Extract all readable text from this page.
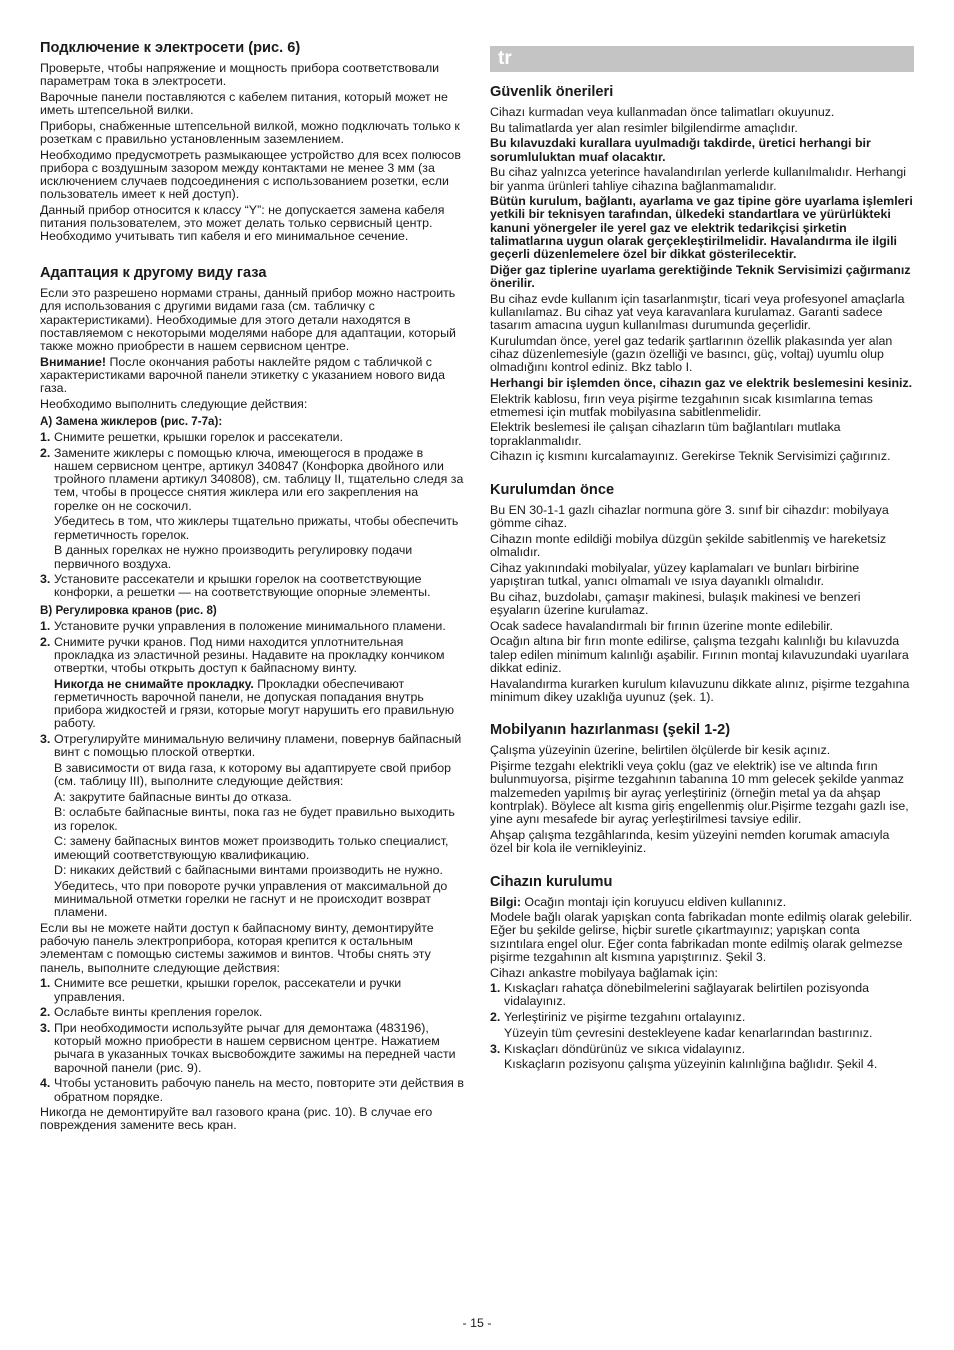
Подключение к электросети (рис. 6)

Проверьте, чтобы напряжение и мощность прибора соответствовали параметрам тока в электросети.

Варочные панели поставляются с кабелем питания, который может не иметь штепсельной вилки.

Приборы, снабженные штепсельной вилкой, можно подключать только к розеткам с правильно установленным заземлением.

Необходимо предусмотреть размыкающее устройство для всех полюсов прибора с воздушным зазором между контактами не менее 3 мм (за исключением случаев подсоединения с использованием розетки, если пользователь имеет к ней доступ).

Данный прибор относится к классу “Y”: не допускается замена кабеля питания пользователем, это может делать только сервисный центр. Необходимо учитывать тип кабеля и его минимальное сечение.

Адаптация к другому виду газа

Если это разрешено нормами страны, данный прибор можно настроить для использования с другими видами газа (см. табличку с характеристиками). Необходимые для этого детали находятся в поставляемом с некоторыми моделями наборе для адаптации, который также можно приобрести в нашем сервисном центре.

Внимание! После окончания работы наклейте рядом с табличкой с характеристиками варочной панели этикетку с указанием нового вида газа.

Необходимо выполнить следующие действия:

A) Замена жиклеров (рис. 7-7a):

1. Снимите решетки, крышки горелок и рассекатели.
2. Замените жиклеры с помощью ключа, имеющегося в продаже в нашем сервисном центре, артикул 340847 (Конфорка двойного или тройного пламени артикул 340808), см. таблицу II, тщательно следя за тем, чтобы в процессе снятия жиклера или его закрепления на горелке он не соскочил.

Убедитесь в том, что жиклеры тщательно прижаты, чтобы обеспечить герметичность горелок.

В данных горелках не нужно производить регулировку подачи первичного воздуха.

3. Установите рассекатели и крышки горелок на соответствующие конфорки, а решетки — на соответствующие опорные элементы.

B) Регулировка кранов (рис. 8)

1. Установите ручки управления в положение минимального пламени.
2. Снимите ручки кранов. Под ними находится уплотнительная прокладка из эластичной резины. Надавите на прокладку кончиком отвертки, чтобы открыть доступ к байпасному винту.

Никогда не снимайте прокладку. Прокладки обеспечивают герметичность варочной панели, не допуская попадания внутрь прибора жидкостей и грязи, которые могут нарушить его правильную работу.

3. Отрегулируйте минимальную величину пламени, повернув байпасный винт с помощью плоской отвертки.

В зависимости от вида газа, к которому вы адаптируете свой прибор (см. таблицу III), выполните следующие действия:

A: закрутите байпасные винты до отказа.

B: ослабьте байпасные винты, пока газ не будет правильно выходить из горелок.

C: замену байпасных винтов может производить только специалист, имеющий соответствующую квалификацию.

D: никаких действий с байпасными винтами производить не нужно.

Убедитесь, что при повороте ручки управления от максимальной до минимальной отметки горелки не гаснут и не происходит возврат пламени.

Если вы не можете найти доступ к байпасному винту, демонтируйте рабочую панель электроприбора, которая крепится к остальным элементам с помощью системы зажимов и винтов. Чтобы снять эту панель, выполните следующие действия:

1. Снимите все решетки, крышки горелок, рассекатели и ручки управления.
2. Ослабьте винты крепления горелок.
3. При необходимости используйте рычаг для демонтажа (483196), который можно приобрести в нашем сервисном центре. Нажатием рычага в указанных точках высвобождите зажимы на передней части варочной панели (рис. 9).
4. Чтобы установить рабочую панель на место, повторите эти действия в обратном порядке.

Никогда не демонтируйте вал газового крана (рис. 10). В случае его повреждения замените весь кран.

tr
Güvenlik önerileri

Cihazı kurmadan veya kullanmadan önce talimatları okuyunuz.

Bu talimatlarda yer alan resimler bilgilendirme amaçlıdır.

Bu kılavuzdaki kurallara uyulmadığı takdirde, üretici herhangi bir sorumluluktan muaf olacaktır.

Bu cihaz yalnızca yeterince havalandırılan yerlerde kullanılmalıdır. Herhangi bir yanma ürünleri tahliye cihazına bağlanmamalıdır.

Bütün kurulum, bağlantı, ayarlama ve gaz tipine göre uyarlama işlemleri yetkili bir teknisyen tarafından, ülkedeki standartlara ve yürürlükteki kanuni yönergeler ile yerel gaz ve elektrik tedarikçisi şirketin talimatlarına uygun olarak gerçekleştirilmelidir. Havalandırma ile ilgili geçerli düzenlemelere özel bir dikkat gösterilecektir.

Diğer gaz tiplerine uyarlama gerektiğinde Teknik Servisimizi çağırmanız önerilir.

Bu cihaz evde kullanım için tasarlanmıştır, ticari veya profesyonel amaçlarla kullanılamaz. Bu cihaz yat veya karavanlara kurulamaz. Garanti sadece tasarım amacına uygun kullanılması durumunda geçerlidir.

Kurulumdan önce, yerel gaz tedarik şartlarının özellik plakasında yer alan cihaz düzenlemesiyle (gazın özelliği ve basıncı, güç, voltaj) uyumlu olup olmadığını kontrol ediniz. Bkz tablo I.

Herhangi bir işlemden önce, cihazın gaz ve elektrik beslemesini kesiniz.

Elektrik kablosu, fırın veya pişirme tezgahının sıcak kısımlarına temas etmemesi için mutfak mobilyasına sabitlenmelidir.

Elektrik beslemesi ile çalışan cihazların tüm bağlantıları mutlaka topraklanmalıdır.

Cihazın iç kısmını kurcalamayınız. Gerekirse Teknik Servisimizi çağırınız.

Kurulumdan önce

Bu EN 30-1-1 gazlı cihazlar normuna göre 3. sınıf bir cihazdır: mobilyaya gömme cihaz.

Cihazın monte edildiği mobilya düzgün şekilde sabitlenmiş ve hareketsiz olmalıdır.

Cihaz yakınındaki mobilyalar, yüzey kaplamaları ve bunları birbirine yapıştıran tutkal, yanıcı olmamalı ve ısıya dayanıklı olmalıdır.

Bu cihaz, buzdolabı, çamaşır makinesi, bulaşık makinesi ve benzeri eşyaların üzerine kurulamaz.

Ocak sadece havalandırmalı bir fırının üzerine monte edilebilir.

Ocağın altına bir fırın monte edilirse, çalışma tezgahı kalınlığı bu kılavuzda talep edilen minimum kalınlığı aşabilir. Fırının montaj kılavuzundaki uyarılara dikkat ediniz.

Havalandırma kurarken kurulum kılavuzunu dikkate alınız, pişirme tezgahına minimum dikey uzaklığa uyunuz (şek. 1).

Mobilyanın hazırlanması (şekil 1-2)

Çalışma yüzeyinin üzerine, belirtilen ölçülerde bir kesik açınız.

Pişirme tezgahı elektrikli veya çoklu (gaz ve elektrik) ise ve altında fırın bulunmuyorsa, pişirme tezgahının tabanına 10 mm gelecek şekilde yanmaz malzemeden yapılmış bir ayraç yerleştiriniz (örneğin metal ya da ahşap kontrplak). Böylece alt kısma giriş engellenmiş olur.Pişirme tezgahı gazlı ise, yine aynı mesafede bir ayraç yerleştirilmesi tavsiye edilir.

Ahşap çalışma tezgâhlarında, kesim yüzeyini nemden korumak amacıyla özel bir kola ile vernikleyiniz.

Cihazın kurulumu

Bilgi: Ocağın montajı için koruyucu eldiven kullanınız.

Modele bağlı olarak yapışkan conta fabrikadan monte edilmiş olarak gelebilir. Eğer bu şekilde gelirse, hiçbir suretle çıkartmayınız; yapışkan conta sızıntılara engel olur. Eğer conta fabrikadan monte edilmiş olarak gelmezse pişirme tezgahının alt kısmına yapıştırınız. Şekil 3.

Cihazı ankastre mobilyaya bağlamak için:

1. Kıskaçları rahatça dönebilmelerini sağlayarak belirtilen pozisyonda vidalayınız.
2. Yerleştiriniz ve pişirme tezgahını ortalayınız.

Yüzeyin tüm çevresini destekleyene kadar kenarlarından bastırınız.

3. Kıskaçları döndürünüz ve sıkıca vidalayınız.

Kıskaçların pozisyonu çalışma yüzeyinin kalınlığına bağlıdır. Şekil 4.

- 15 -
